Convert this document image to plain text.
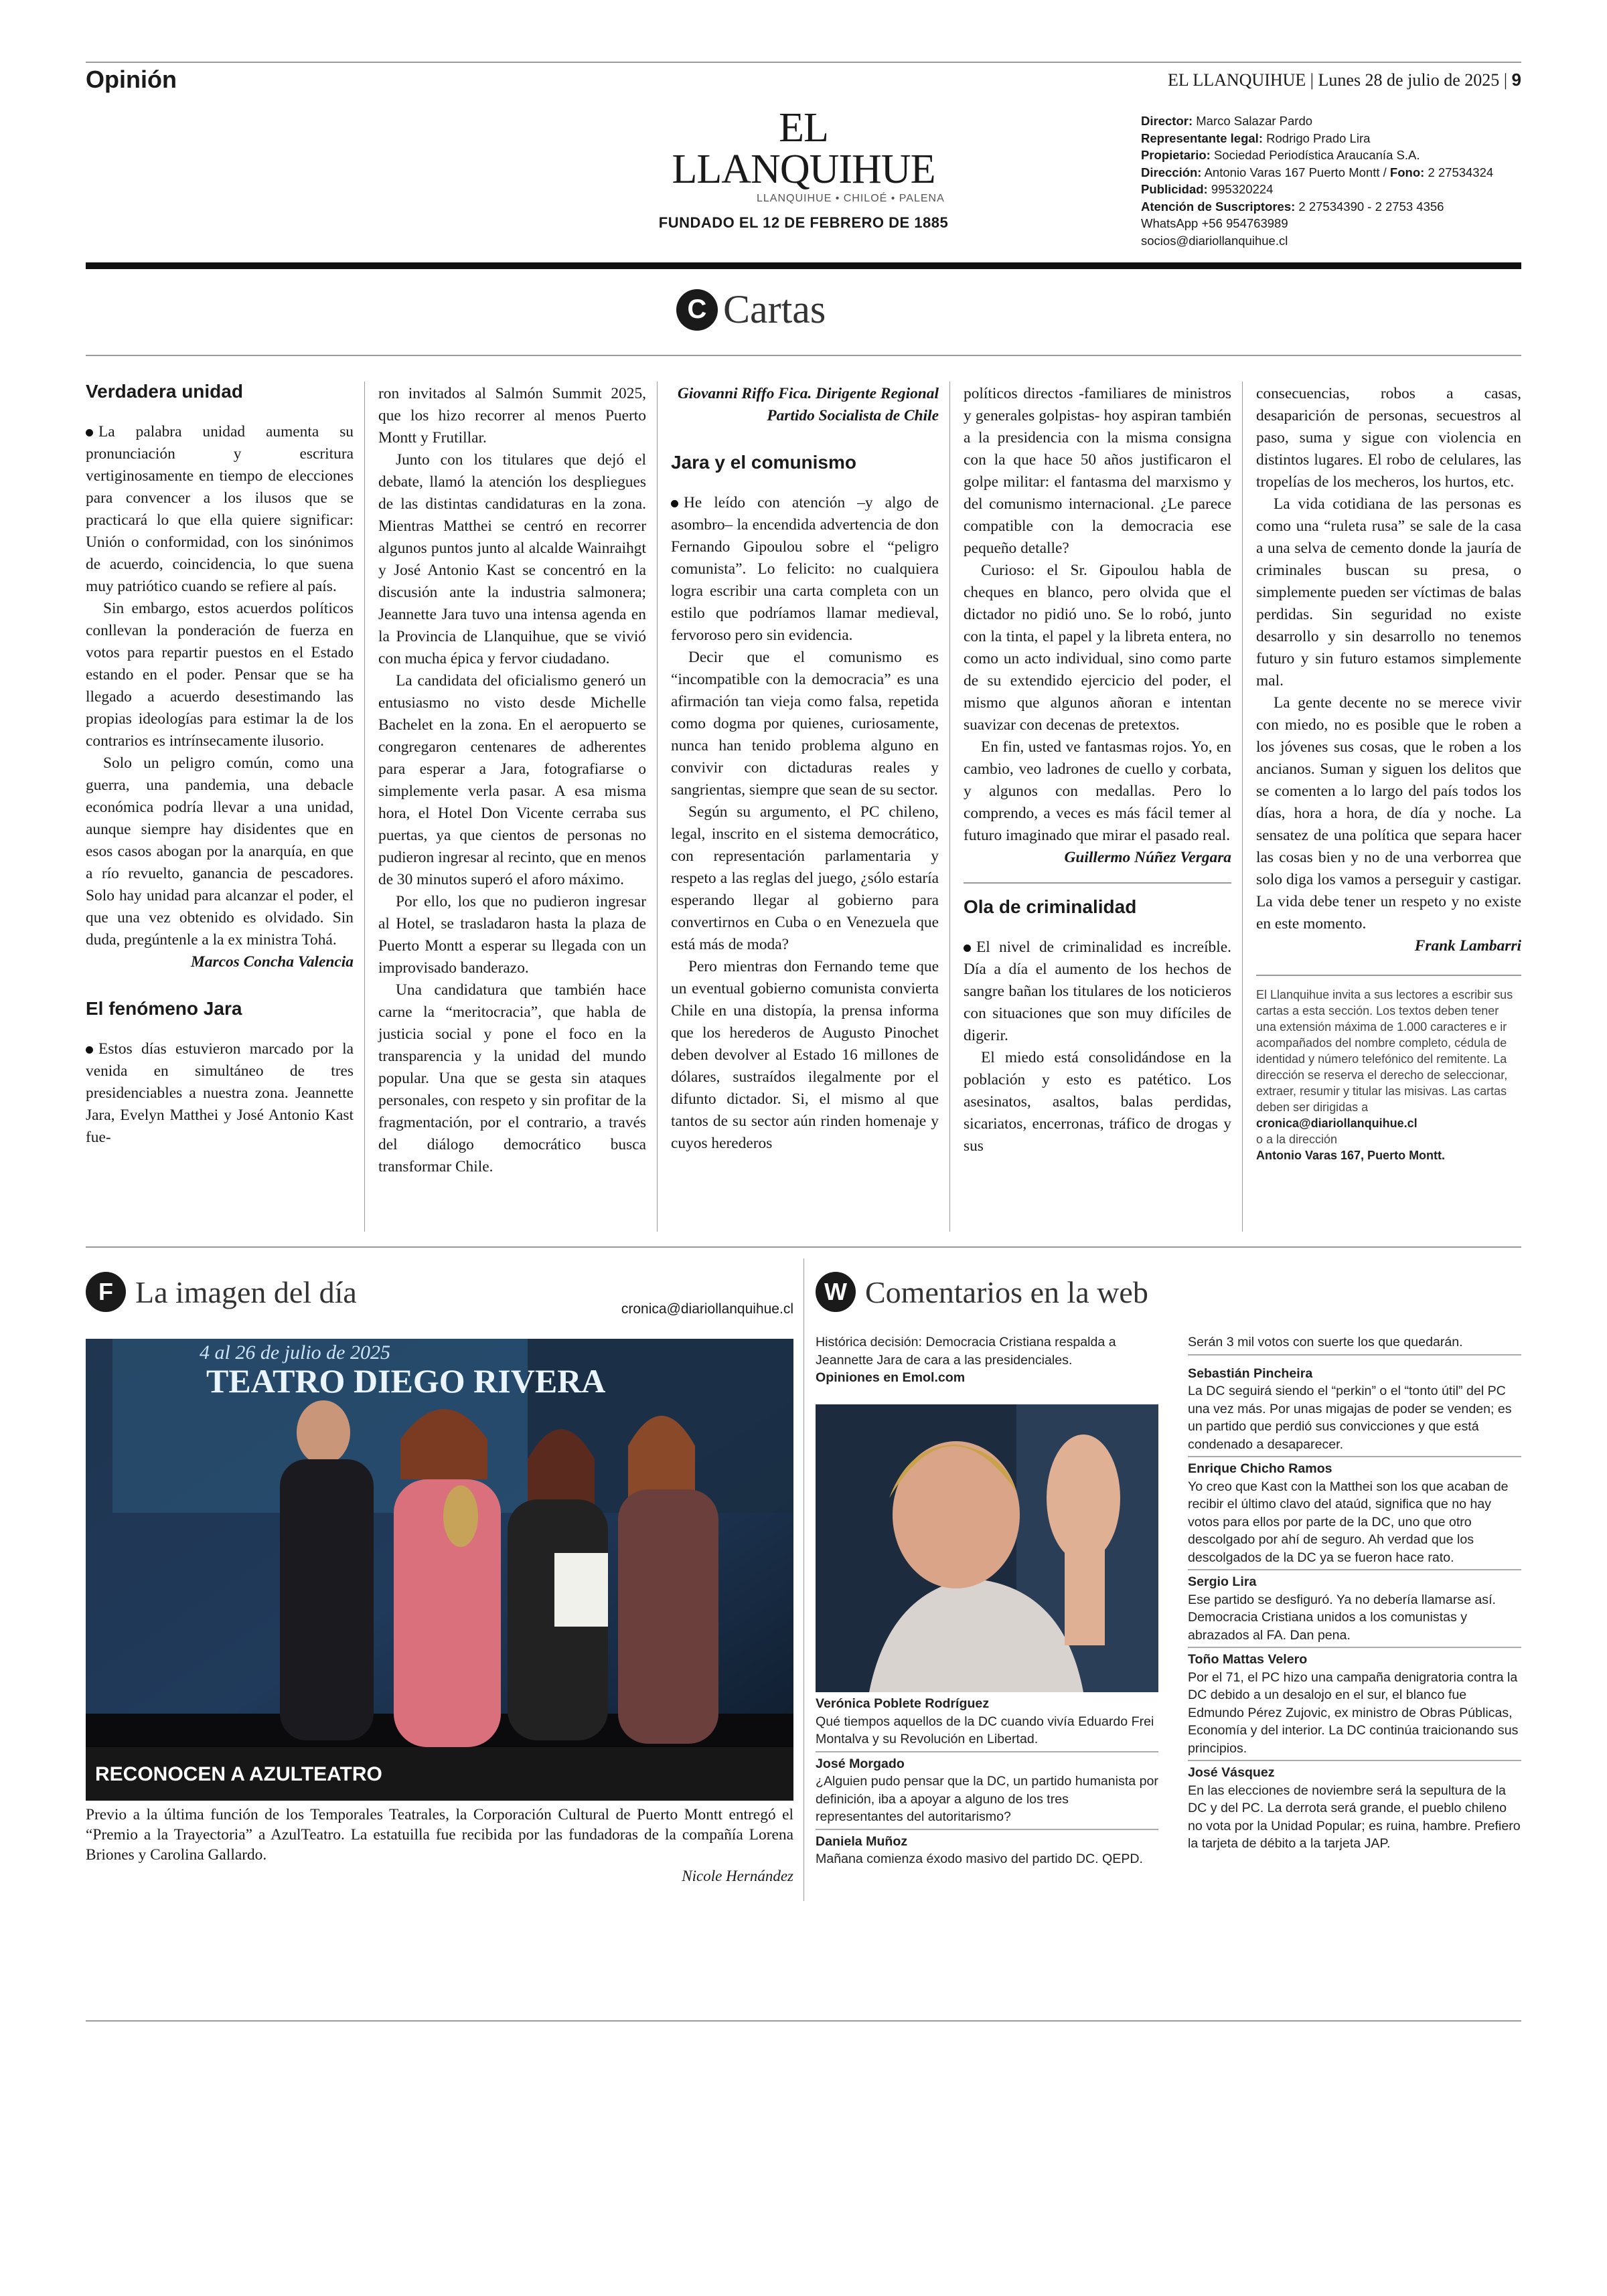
Opinión	EL LLANQUIHUE | Lunes 28 de julio de 2025 | 9
EL LLANQUIHUE
LLANQUIHUE • CHILOÉ • PALENA
FUNDADO EL 12 DE FEBRERO DE 1885
Director: Marco Salazar Pardo
Representante legal: Rodrigo Prado Lira
Propietario: Sociedad Periodística Araucanía S.A.
Dirección: Antonio Varas 167 Puerto Montt / Fono: 2 27534324
Publicidad: 995320224
Atención de Suscriptores: 2 27534390 - 2 2753 4356
WhatsApp +56 954763989
socios@diariollanquihue.cl
C Cartas
Verdadera unidad

La palabra unidad aumenta su pronunciación y escritura vertiginosamente en tiempo de elecciones para convencer a los ilusos que se practicará lo que ella quiere significar: Unión o conformidad, con los sinónimos de acuerdo, coincidencia, lo que suena muy patriótico cuando se refiere al país.

Sin embargo, estos acuerdos políticos conllevan la ponderación de fuerza en votos para repartir puestos en el Estado estando en el poder. Pensar que se ha llegado a acuerdo desestimando las propias ideologías para estimar la de los contrarios es intrínsecamente ilusorio.

Solo un peligro común, como una guerra, una pandemia, una debacle económica podría llevar a una unidad, aunque siempre hay disidentes que en esos casos abogan por la anarquía, en que a río revuelto, ganancia de pescadores. Solo hay unidad para alcanzar el poder, el que una vez obtenido es olvidado. Sin duda, pregúntenle a la ex ministra Tohá.

Marcos Concha Valencia

El fenómeno Jara

Estos días estuvieron marcado por la venida en simultáneo de tres presidenciables a nuestra zona. Jeannette Jara, Evelyn Matthei y José Antonio Kast fue-

ron invitados al Salmón Summit 2025, que los hizo recorrer al menos Puerto Montt y Frutillar.

Junto con los titulares que dejó el debate, llamó la atención los despliegues de las distintas candidaturas en la zona. Mientras Matthei se centró en recorrer algunos puntos junto al alcalde Wainraihgt y José Antonio Kast se concentró en la discusión ante la industria salmonera; Jeannette Jara tuvo una intensa agenda en la Provincia de Llanquihue, que se vivió con mucha épica y fervor ciudadano.

La candidata del oficialismo generó un entusiasmo no visto desde Michelle Bachelet en la zona. En el aeropuerto se congregaron centenares de adherentes para esperar a Jara, fotografiarse o simplemente verla pasar. A esa misma hora, el Hotel Don Vicente cerraba sus puertas, ya que cientos de personas no pudieron ingresar al recinto, que en menos de 30 minutos superó el aforo máximo.

Por ello, los que no pudieron ingresar al Hotel, se trasladaron hasta la plaza de Puerto Montt a esperar su llegada con un improvisado banderazo.

Una candidatura que también hace carne la “meritocracia”, que habla de justicia social y pone el foco en la transparencia y la unidad del mundo popular. Una que se gesta sin ataques personales, con respeto y sin profitar de la fragmentación, por el contrario, a través del diálogo democrático busca transformar Chile.

Giovanni Riffo Fica. Dirigente Regional Partido Socialista de Chile

Jara y el comunismo

He leído con atención –y algo de asombro– la encendida advertencia de don Fernando Gipoulou sobre el “peligro comunista”. Lo felicito: no cualquiera logra escribir una carta completa con un estilo que podríamos llamar medieval, fervoroso pero sin evidencia.

Decir que el comunismo es “incompatible con la democracia” es una afirmación tan vieja como falsa, repetida como dogma por quienes, curiosamente, nunca han tenido problema alguno en convivir con dictaduras reales y sangrientas, siempre que sean de su sector.

Según su argumento, el PC chileno, legal, inscrito en el sistema democrático, con representación parlamentaria y respeto a las reglas del juego, ¿sólo estaría esperando llegar al gobierno para convertirnos en Cuba o en Venezuela que está más de moda?

Pero mientras don Fernando teme que un eventual gobierno comunista convierta Chile en una distopía, la prensa informa que los herederos de Augusto Pinochet deben devolver al Estado 16 millones de dólares, sustraídos ilegalmente por el difunto dictador. Si, el mismo al que tantos de su sector aún rinden homenaje y cuyos herederos

políticos directos -familiares de ministros y generales golpistas- hoy aspiran también a la presidencia con la misma consigna con la que hace 50 años justificaron el golpe militar: el fantasma del marxismo y del comunismo internacional. ¿Le parece compatible con la democracia ese pequeño detalle?

Curioso: el Sr. Gipoulou habla de cheques en blanco, pero olvida que el dictador no pidió uno. Se lo robó, junto con la tinta, el papel y la libreta entera, no como un acto individual, sino como parte de su extendido ejercicio del poder, el mismo que algunos añoran e intentan suavizar con decenas de pretextos.

En fin, usted ve fantasmas rojos. Yo, en cambio, veo ladrones de cuello y corbata, y algunos con medallas. Pero lo comprendo, a veces es más fácil temer al futuro imaginado que mirar el pasado real.

Guillermo Núñez Vergara

Ola de criminalidad

El nivel de criminalidad es increíble. Día a día el aumento de los hechos de sangre bañan los titulares de los noticieros con situaciones que son muy difíciles de digerir.

El miedo está consolidándose en la población y esto es patético. Los asesinatos, asaltos, balas perdidas, sicariatos, encerronas, tráfico de drogas y sus

consecuencias, robos a casas, desaparición de personas, secuestros al paso, suma y sigue con violencia en distintos lugares. El robo de celulares, las tropelías de los mecheros, los hurtos, etc.

La vida cotidiana de las personas es como una “ruleta rusa” se sale de la casa a una selva de cemento donde la jauría de criminales buscan su presa, o simplemente pueden ser víctimas de balas perdidas. Sin seguridad no existe desarrollo y sin desarrollo no tenemos futuro y sin futuro estamos simplemente mal.

La gente decente no se merece vivir con miedo, no es posible que le roben a los jóvenes sus cosas, que le roben a los ancianos. Suman y siguen los delitos que se comenten a lo largo del país todos los días, hora a hora, de día y noche. La sensatez de una política que separa hacer las cosas bien y no de una verborrea que solo diga los vamos a perseguir y castigar. La vida debe tener un respeto y no existe en este momento.

Frank Lambarri

El Llanquihue invita a sus lectores a escribir sus cartas a esta sección. Los textos deben tener una extensión máxima de 1.000 caracteres e ir acompañados del nombre completo, cédula de identidad y número telefónico del remitente. La dirección se reserva el derecho de seleccionar, extraer, resumir y titular las misivas. Las cartas deben ser dirigidas a
cronica@diariollanquihue.cl
o a la dirección
Antonio Varas 167, Puerto Montt.
F La imagen del día	cronica@diariollanquihue.cl
4 al 26 de julio de 2025
TEATRO DIEGO RIVERA
RECONOCEN A AZULTEATRO
Previo a la última función de los Temporales Teatrales, la Corporación Cultural de Puerto Montt entregó el “Premio a la Trayectoria” a AzulTeatro. La estatuilla fue recibida por las fundadoras de la compañía Lorena Briones y Carolina Gallardo.
Nicole Hernández
W Comentarios en la web
Histórica decisión: Democracia Cristiana respalda a Jeannette Jara de cara a las presidenciales.
Opiniones en Emol.com
Verónica Poblete Rodríguez
Qué tiempos aquellos de la DC cuando vivía Eduardo Frei Montalva y su Revolución en Libertad.
José Morgado
¿Alguien pudo pensar que la DC, un partido humanista por definición, iba a apoyar a alguno de los tres representantes del autoritarismo?
Daniela Muñoz
Mañana comienza éxodo masivo del partido DC. QEPD.
Serán 3 mil votos con suerte los que quedarán.
Sebastián Pincheira
La DC seguirá siendo el “perkin” o el “tonto útil” del PC una vez más. Por unas migajas de poder se venden; es un partido que perdió sus convicciones y que está condenado a desaparecer.
Enrique Chicho Ramos
Yo creo que Kast con la Matthei son los que acaban de recibir el último clavo del ataúd, significa que no hay votos para ellos por parte de la DC, uno que otro descolgado por ahí de seguro. Ah verdad que los descolgados de la DC ya se fueron hace rato.
Sergio Lira
Ese partido se desfiguró. Ya no debería llamarse así. Democracia Cristiana unidos a los comunistas y abrazados al FA. Dan pena.
Toño Mattas Velero
Por el 71, el PC hizo una campaña denigratoria contra la DC debido a un desalojo en el sur, el blanco fue Edmundo Pérez Zujovic, ex ministro de Obras Públicas, Economía y del interior. La DC continúa traicionando sus principios.
José Vásquez
En las elecciones de noviembre será la sepultura de la DC y del PC. La derrota será grande, el pueblo chileno no vota por la Unidad Popular; es ruina, hambre. Prefiero la tarjeta de débito a la tarjeta JAP.
